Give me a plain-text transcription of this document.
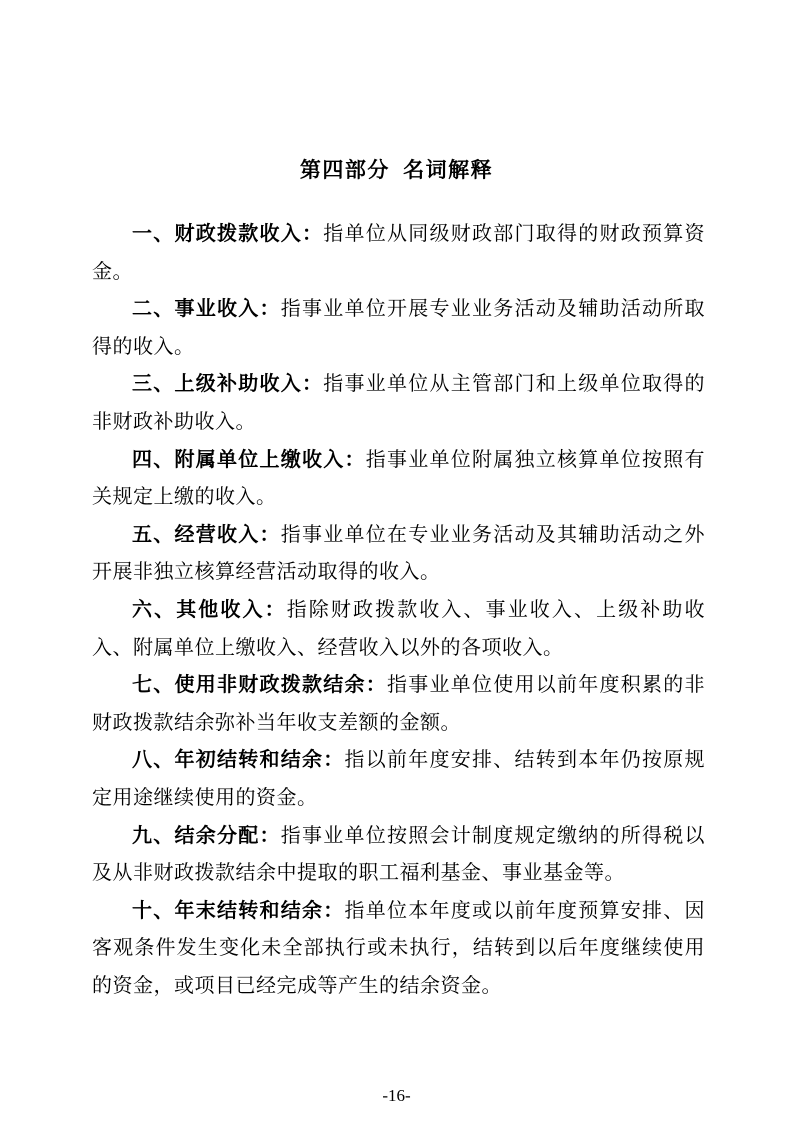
第四部分 名词解释

一、财政拨款收入：指单位从同级财政部门取得的财政预算资金。

二、事业收入：指事业单位开展专业业务活动及辅助活动所取得的收入。

三、上级补助收入：指事业单位从主管部门和上级单位取得的非财政补助收入。

四、附属单位上缴收入：指事业单位附属独立核算单位按照有关规定上缴的收入。

五、经营收入：指事业单位在专业业务活动及其辅助活动之外开展非独立核算经营活动取得的收入。

六、其他收入：指除财政拨款收入、事业收入、上级补助收入、附属单位上缴收入、经营收入以外的各项收入。

七、使用非财政拨款结余：指事业单位使用以前年度积累的非财政拨款结余弥补当年收支差额的金额。

八、年初结转和结余：指以前年度安排、结转到本年仍按原规定用途继续使用的资金。

九、结余分配：指事业单位按照会计制度规定缴纳的所得税以及从非财政拨款结余中提取的职工福利基金、事业基金等。

十、年末结转和结余：指单位本年度或以前年度预算安排、因客观条件发生变化未全部执行或未执行，结转到以后年度继续使用的资金，或项目已经完成等产生的结余资金。

-16-
